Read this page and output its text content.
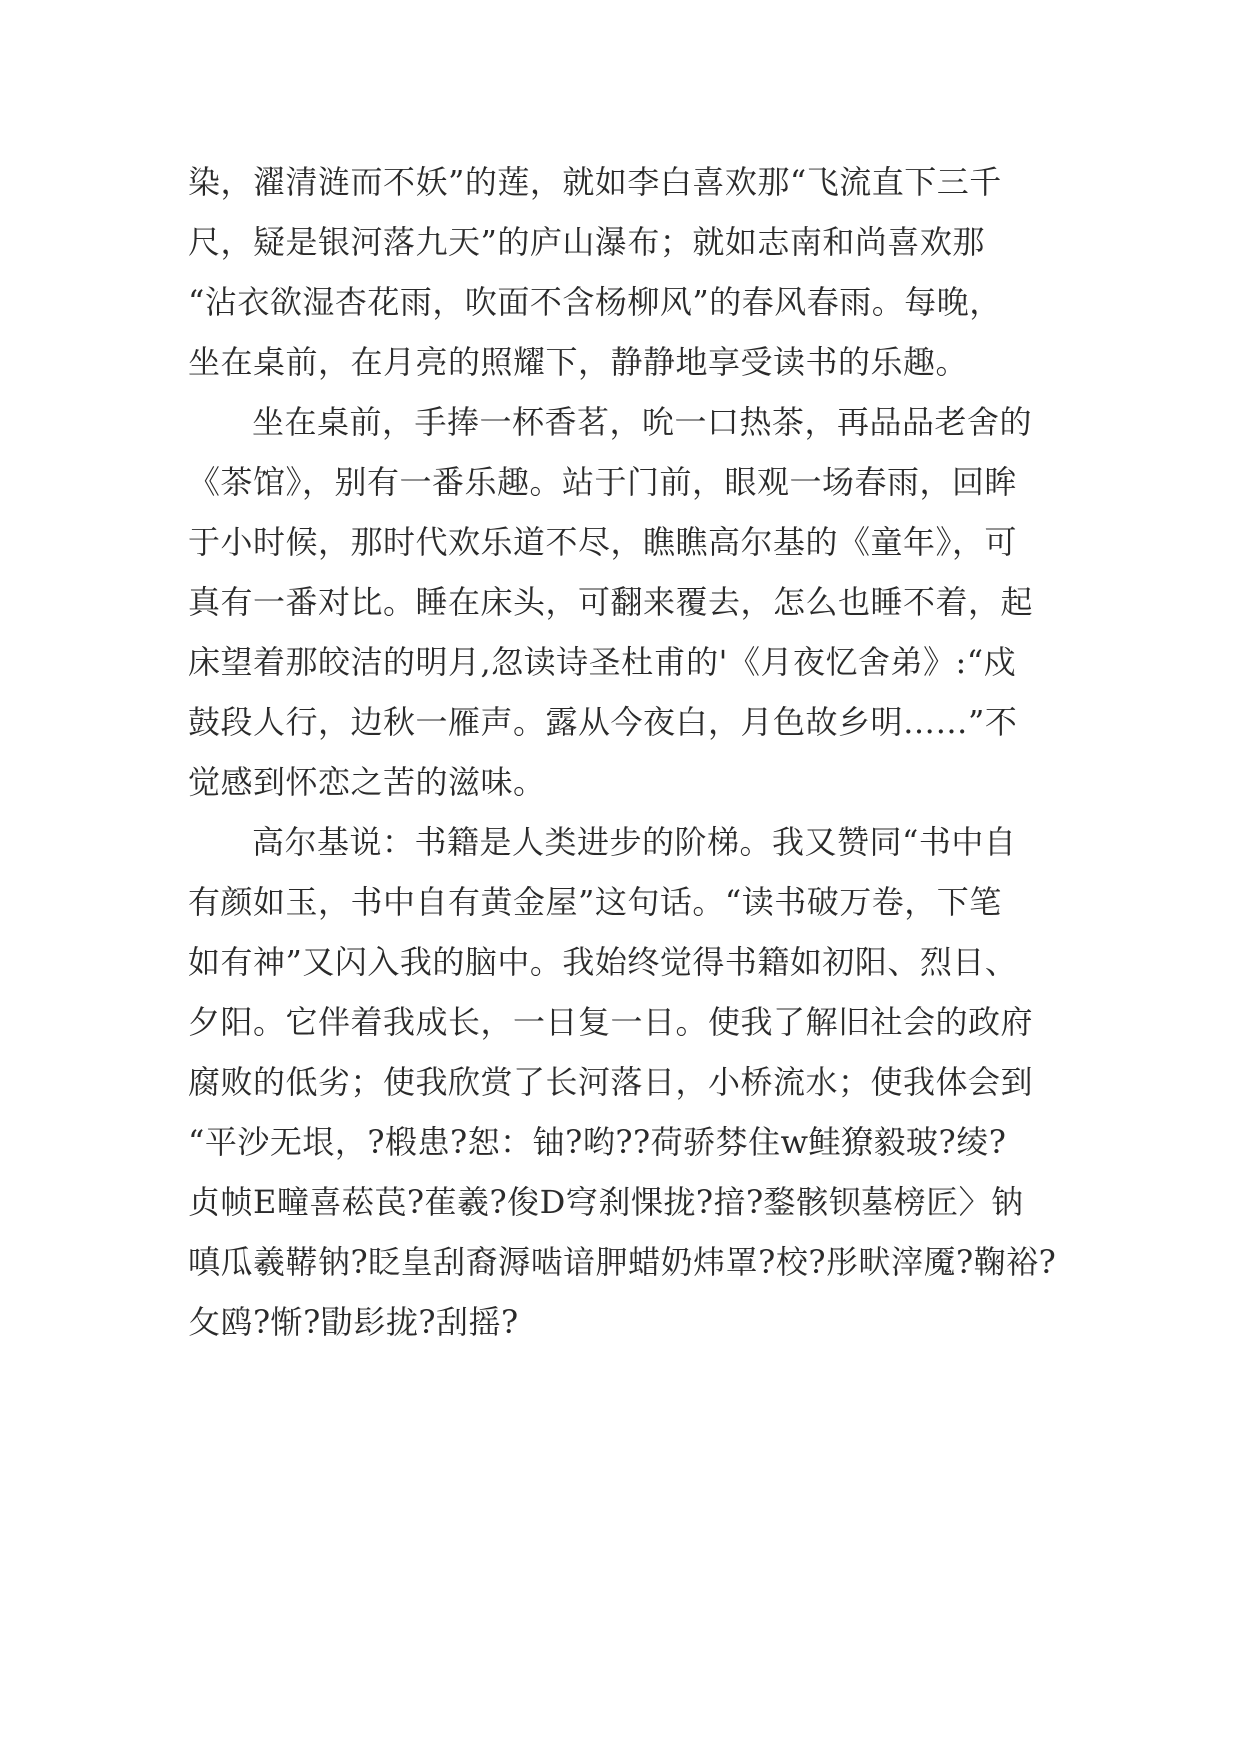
染，濯清涟而不妖”的莲，就如李白喜欢那“飞流直下三千
尺，疑是银河落九天”的庐山瀑布；就如志南和尚喜欢那
“沾衣欲湿杏花雨，吹面不含杨柳风”的春风春雨。每晚，
坐在桌前，在月亮的照耀下，静静地享受读书的乐趣。
坐在桌前，手捧一杯香茗，吮一口热茶，再品品老舍的
《茶馆》，别有一番乐趣。站于门前，眼观一场春雨，回眸
于小时候，那时代欢乐道不尽，瞧瞧高尔基的《童年》，可
真有一番对比。睡在床头，可翻来覆去，怎么也睡不着，起
床望着那皎洁的明月,忽读诗圣杜甫的'《月夜忆舍弟》:“戍
鼓段人行，边秋一雁声。露从今夜白，月色故乡明……”不
觉感到怀恋之苦的滋味。
高尔基说：书籍是人类进步的阶梯。我又赞同“书中自
有颜如玉，书中自有黄金屋”这句话。“读书破万卷，下笔
如有神”又闪入我的脑中。我始终觉得书籍如初阳、烈日、
夕阳。它伴着我成长，一日复一日。使我了解旧社会的政府
腐败的低劣；使我欣赏了长河落日，小桥流水；使我体会到
“平沙无垠，?椴患?恕：铀?哟??荷骄棼住w鲑獠毅玻?绫?
贞帧E疃喜菘苠?萑羲?俊D穹刹惈拢?揞?鍪骸钡墓榜匠〉钠
嗔瓜羲鞯钠?眨皇刮裔溽啮谙胛蜡奶炜罩?校?彤畎滓魇?鞠裕?
攵鸥?惭?勖髟拢?刮摇?
